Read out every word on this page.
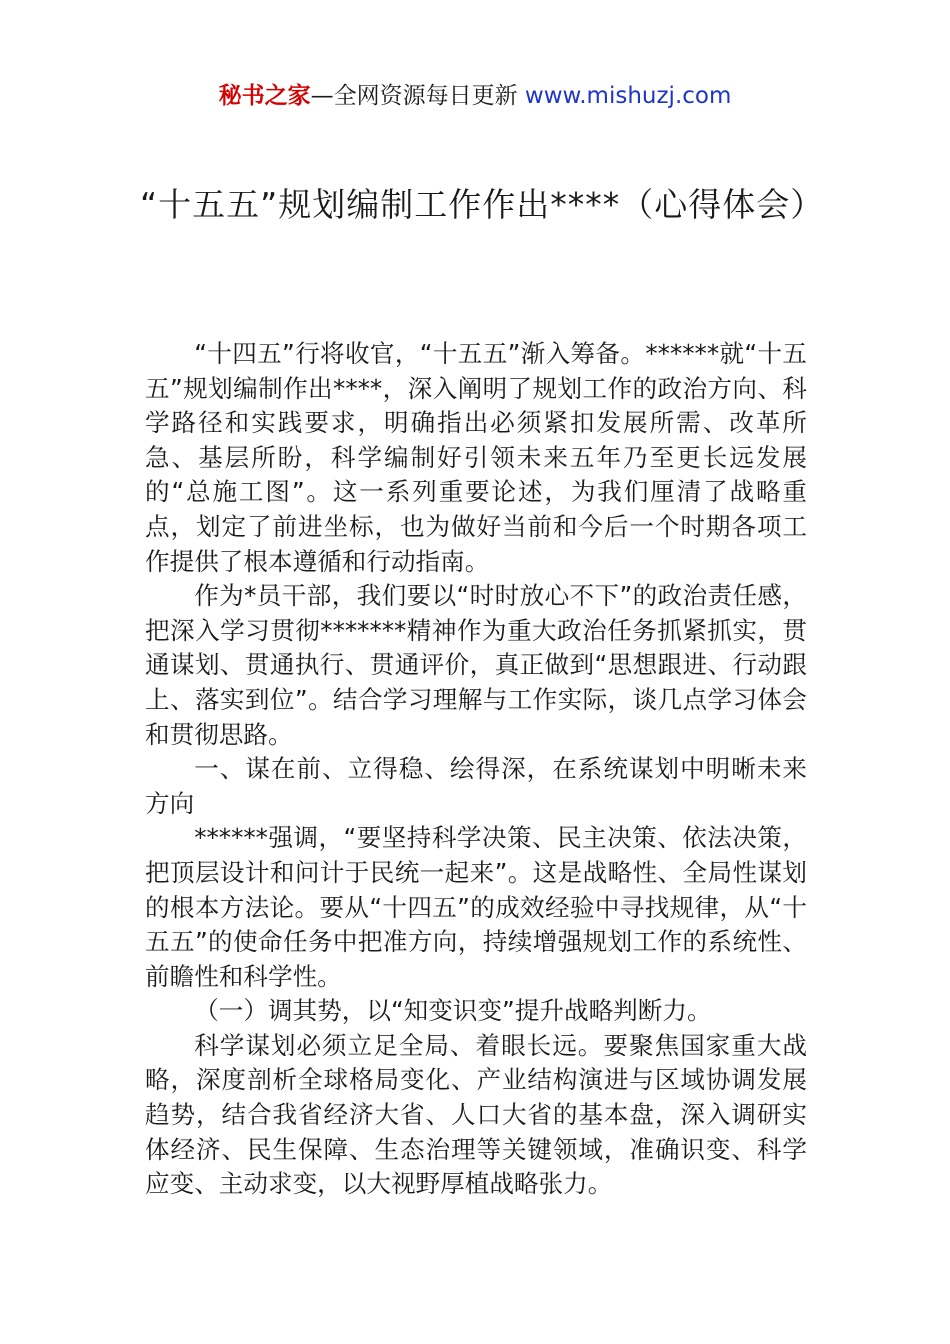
秘书之家—全网资源每日更新 www.mishuzj.com
“十五五”规划编制工作作出****（心得体会）

“十四五”行将收官，“十五五”渐入筹备。******就“十五五”规划编制作出****，深入阐明了规划工作的政治方向、科学路径和实践要求，明确指出必须紧扣发展所需、改革所急、基层所盼，科学编制好引领未来五年乃至更长远发展的“总施工图”。这一系列重要论述，为我们厘清了战略重点，划定了前进坐标，也为做好当前和今后一个时期各项工作提供了根本遵循和行动指南。

作为*员干部，我们要以“时时放心不下”的政治责任感，把深入学习贯彻*******精神作为重大政治任务抓紧抓实，贯通谋划、贯通执行、贯通评价，真正做到“思想跟进、行动跟上、落实到位”。结合学习理解与工作实际，谈几点学习体会和贯彻思路。

一、谋在前、立得稳、绘得深，在系统谋划中明晰未来方向

******强调，“要坚持科学决策、民主决策、依法决策，把顶层设计和问计于民统一起来”。这是战略性、全局性谋划的根本方法论。要从“十四五”的成效经验中寻找规律，从“十五五”的使命任务中把准方向，持续增强规划工作的系统性、前瞻性和科学性。

（一）调其势，以“知变识变”提升战略判断力。

科学谋划必须立足全局、着眼长远。要聚焦国家重大战略，深度剖析全球格局变化、产业结构演进与区域协调发展趋势，结合我省经济大省、人口大省的基本盘，深入调研实体经济、民生保障、生态治理等关键领域，准确识变、科学应变、主动求变，以大视野厚植战略张力。
